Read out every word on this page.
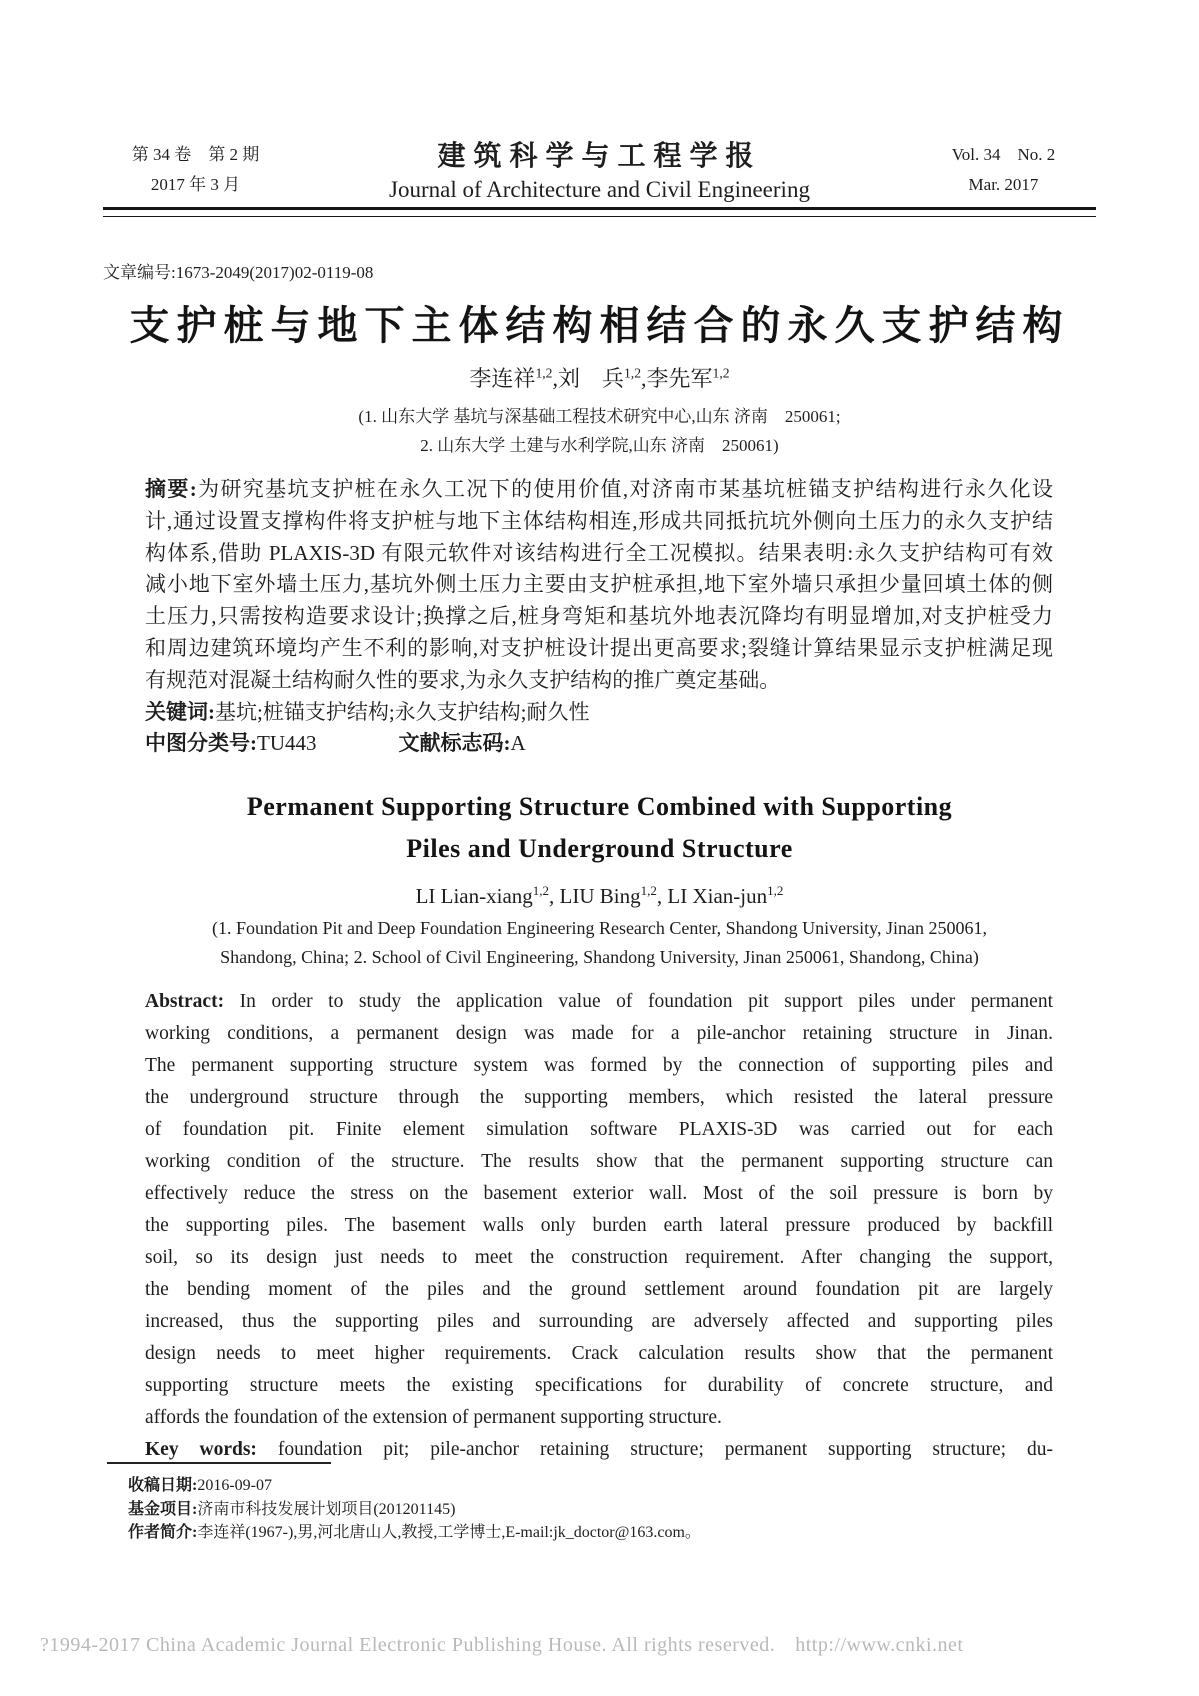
第 34 卷　第 2 期
2017 年 3 月
建筑科学与工程学报
Journal of Architecture and Civil Engineering
Vol. 34　No. 2
Mar. 2017
文章编号:1673-2049(2017)02-0119-08
支护桩与地下主体结构相结合的永久支护结构
李连祥$^{1,2}$,刘　兵$^{1,2}$,李先军$^{1,2}$
(1. 山东大学 基坑与深基础工程技术研究中心,山东 济南　250061;
2. 山东大学 土建与水利学院,山东 济南　250061)
摘要:为研究基坑支护桩在永久工况下的使用价值,对济南市某基坑桩锚支护结构进行永久化设
计,通过设置支撑构件将支护桩与地下主体结构相连,形成共同抵抗坑外侧向土压力的永久支护结
构体系,借助 PLAXIS-3D 有限元软件对该结构进行全工况模拟。结果表明:永久支护结构可有效
减小地下室外墙土压力,基坑外侧土压力主要由支护桩承担,地下室外墙只承担少量回填土体的侧
土压力,只需按构造要求设计;换撑之后,桩身弯矩和基坑外地表沉降均有明显增加,对支护桩受力
和周边建筑环境均产生不利的影响,对支护桩设计提出更高要求;裂缝计算结果显示支护桩满足现
有规范对混凝土结构耐久性的要求,为永久支护结构的推广奠定基础。
关键词:基坑;桩锚支护结构;永久支护结构;耐久性
中图分类号:TU443	文献标志码:A
Permanent Supporting Structure Combined with Supporting
Piles and Underground Structure
LI Lian-xiang$^{1,2}$, LIU Bing$^{1,2}$, LI Xian-jun$^{1,2}$
(1. Foundation Pit and Deep Foundation Engineering Research Center, Shandong University, Jinan 250061,
Shandong, China; 2. School of Civil Engineering, Shandong University, Jinan 250061, Shandong, China)
Abstract: In order to study the application value of foundation pit support piles under permanent
working conditions, a permanent design was made for a pile-anchor retaining structure in Jinan.
The permanent supporting structure system was formed by the connection of supporting piles and
the underground structure through the supporting members, which resisted the lateral pressure
of foundation pit. Finite element simulation software PLAXIS-3D was carried out for each
working condition of the structure. The results show that the permanent supporting structure can
effectively reduce the stress on the basement exterior wall. Most of the soil pressure is born by
the supporting piles. The basement walls only burden earth lateral pressure produced by backfill
soil, so its design just needs to meet the construction requirement. After changing the support,
the bending moment of the piles and the ground settlement around foundation pit are largely
increased, thus the supporting piles and surrounding are adversely affected and supporting piles
design needs to meet higher requirements. Crack calculation results show that the permanent
supporting structure meets the existing specifications for durability of concrete structure, and
affords the foundation of the extension of permanent supporting structure.
Key words: foundation pit; pile-anchor retaining structure; permanent supporting structure; du-
收稿日期:2016-09-07
基金项目:济南市科技发展计划项目(201201145)
作者简介:李连祥(1967-),男,河北唐山人,教授,工学博士,E-mail:jk_doctor@163.com。
?1994-2017 China Academic Journal Electronic Publishing House. All rights reserved. http://www.cnki.net
